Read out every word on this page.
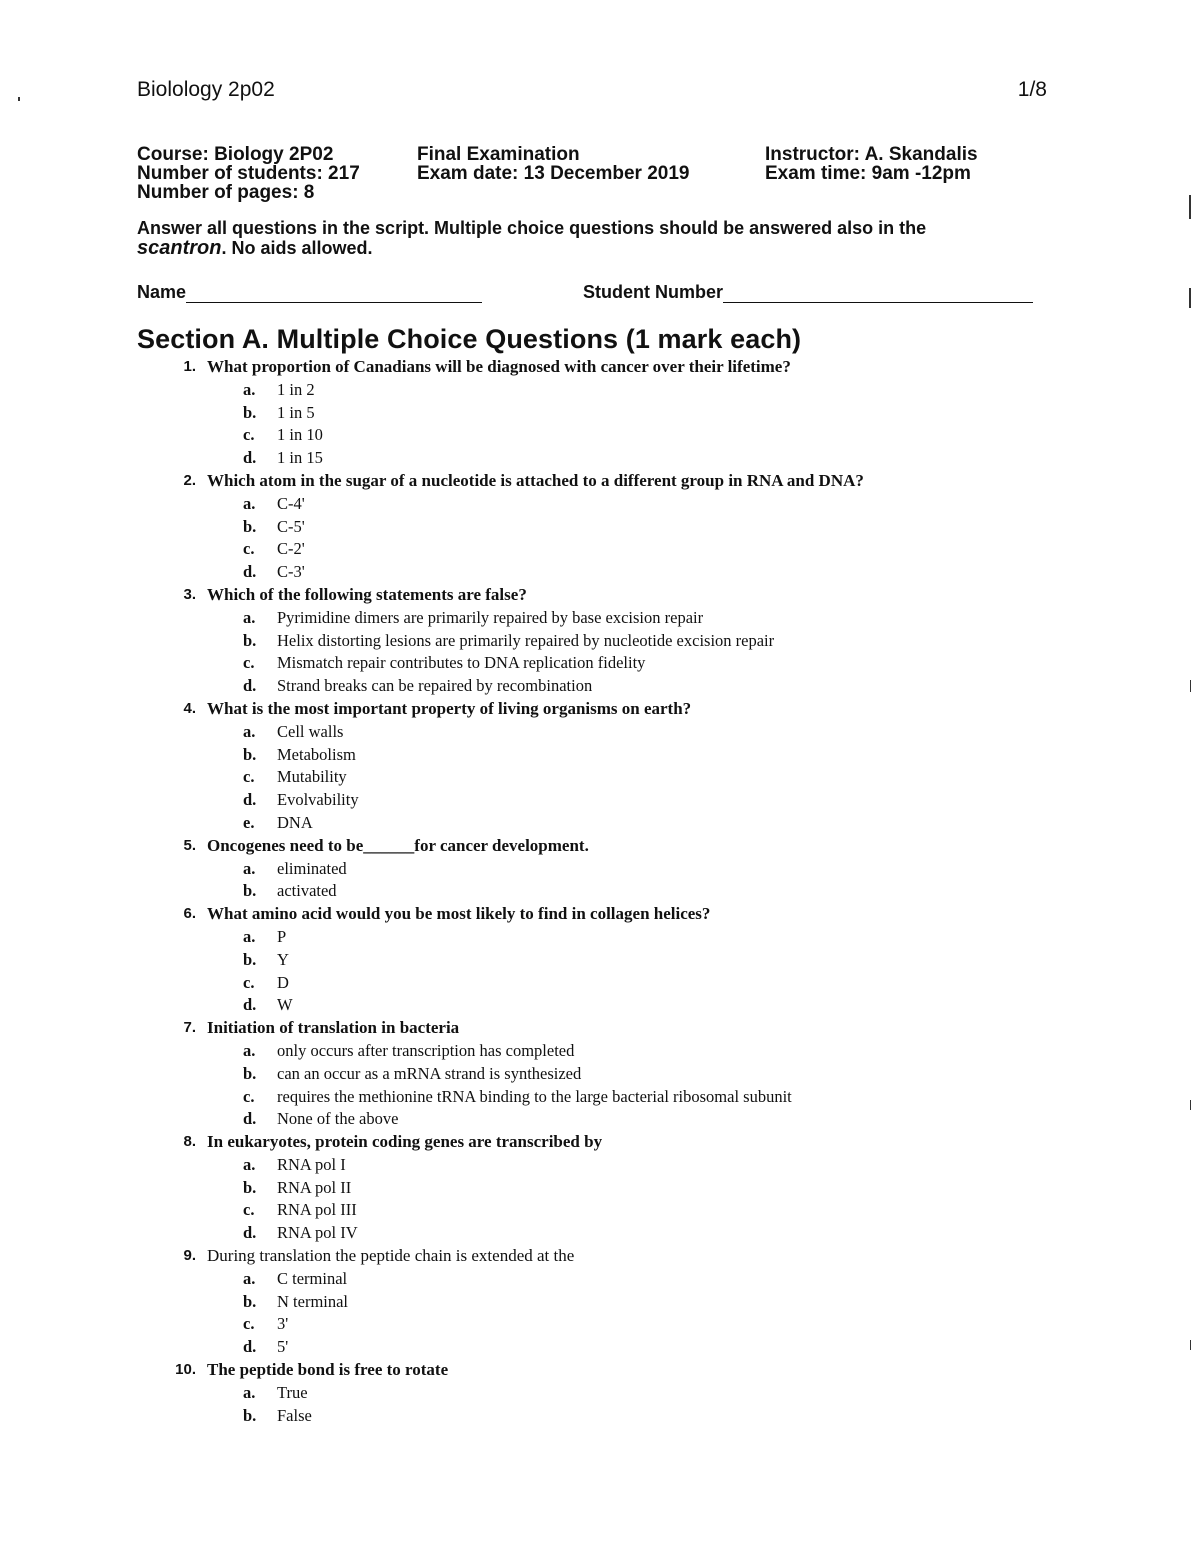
Biolology 2p02	1/8
Course: Biology 2P02
Number of students: 217
Number of pages: 8
Final Examination
Exam date: 13 December 2019
Instructor: A. Skandalis
Exam time: 9am -12pm
Answer all questions in the script. Multiple choice questions should be answered also in the
scantron. No aids allowed.
Name	Student Number
Section A. Multiple Choice Questions (1 mark each)
1. What proportion of Canadians will be diagnosed with cancer over their lifetime?
a.	1 in 2
b.	1 in 5
c.	1 in 10
d.	1 in 15
2. Which atom in the sugar of a nucleotide is attached to a different group in RNA and DNA?
a.	C-4'
b.	C-5'
c.	C-2'
d.	C-3'
3. Which of the following statements are false?
a.	Pyrimidine dimers are primarily repaired by base excision repair
b.	Helix distorting lesions are primarily repaired by nucleotide excision repair
c.	Mismatch repair contributes to DNA replication fidelity
d.	Strand breaks can be repaired by recombination
4. What is the most important property of living organisms on earth?
a.	Cell walls
b.	Metabolism
c.	Mutability
d.	Evolvability
e.	DNA
5. Oncogenes need to be______for cancer development.
a.	eliminated
b.	activated
6. What amino acid would you be most likely to find in collagen helices?
a.	P
b.	Y
c.	D
d.	W
7. Initiation of translation in bacteria
a.	only occurs after transcription has completed
b.	can an occur as a mRNA strand is synthesized
c.	requires the methionine tRNA binding to the large bacterial ribosomal subunit
d.	None of the above
8. In eukaryotes, protein coding genes are transcribed by
a.	RNA pol I
b.	RNA pol II
c.	RNA pol III
d.	RNA pol IV
9. During translation the peptide chain is extended at the
a.	C terminal
b.	N terminal
c.	3'
d.	5'
10. The peptide bond is free to rotate
a.	True
b.	False
